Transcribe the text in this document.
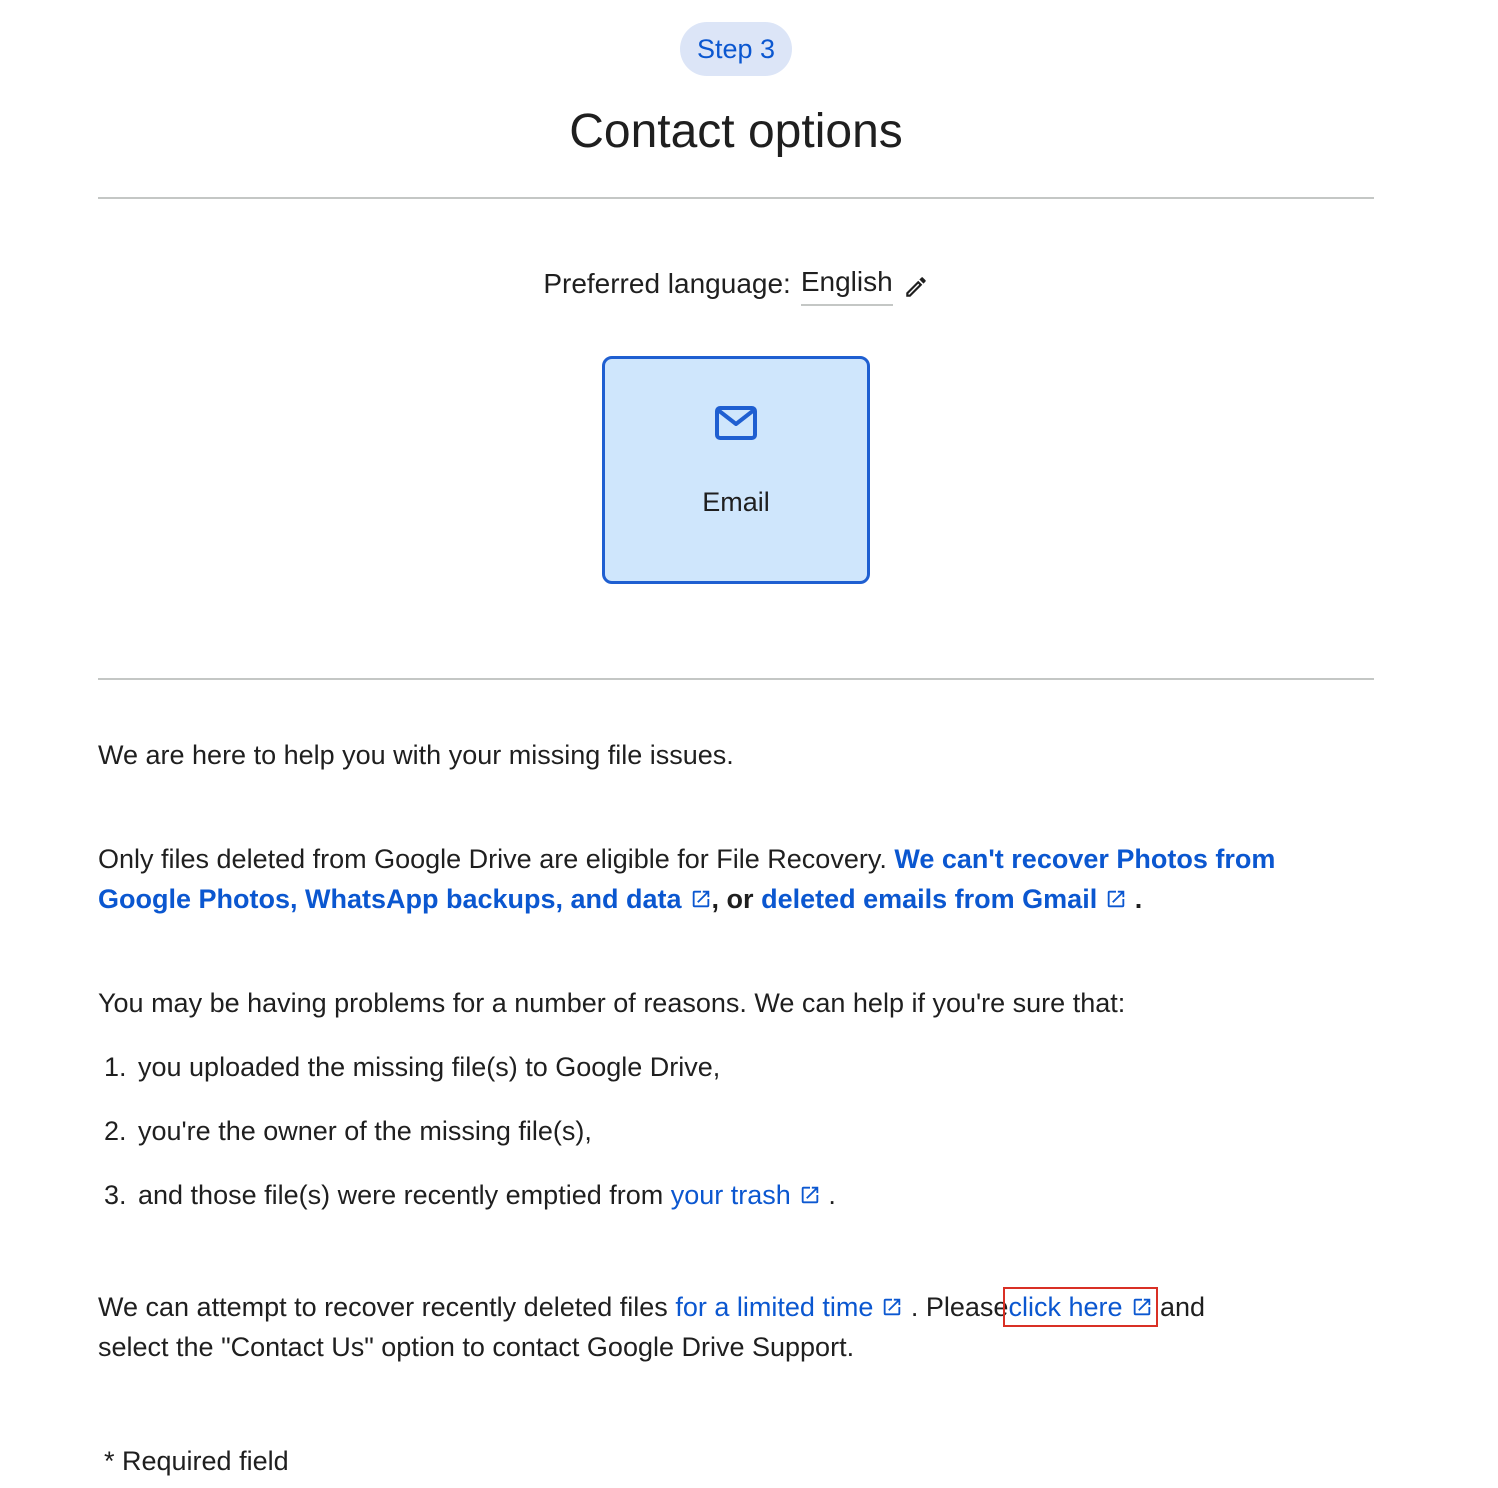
Step 3
Contact options
Preferred language: English
Email

We are here to help you with your missing file issues.

Only files deleted from Google Drive are eligible for File Recovery. We can't recover Photos from Google Photos, WhatsApp backups, and data , or deleted emails from Gmail .

You may be having problems for a number of reasons. We can help if you're sure that:

1. you uploaded the missing file(s) to Google Drive,
2. you're the owner of the missing file(s),
3. and those file(s) were recently emptied from your trash .

We can attempt to recover recently deleted files for a limited time . Pleaseclick here and
select the "Contact Us" option to contact Google Drive Support.

* Required field
